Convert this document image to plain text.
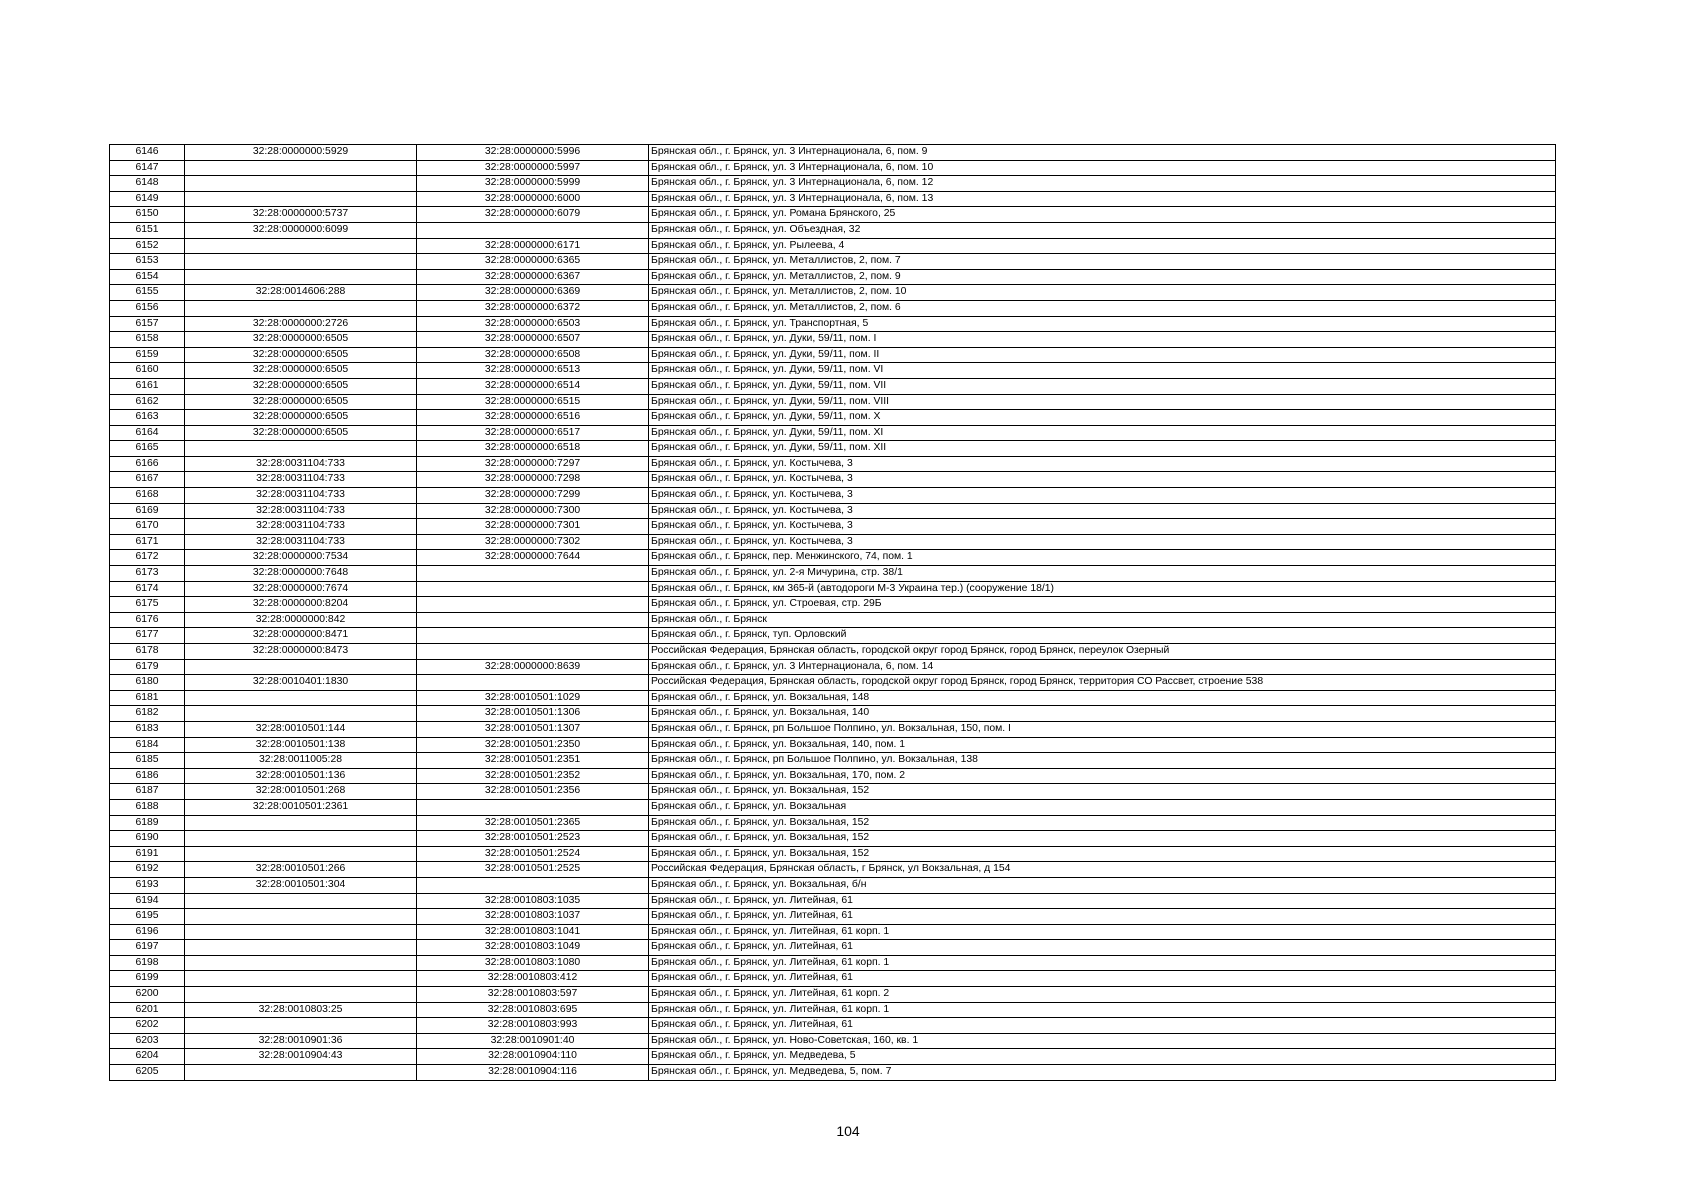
6146	32:28:0000000:5929	32:28:0000000:5996	Брянская обл., г. Брянск, ул. 3 Интернационала, 6, пом. 9
6147		32:28:0000000:5997	Брянская обл., г. Брянск, ул. 3 Интернационала, 6, пом. 10
6148		32:28:0000000:5999	Брянская обл., г. Брянск, ул. 3 Интернационала, 6, пом. 12
6149		32:28:0000000:6000	Брянская обл., г. Брянск, ул. 3 Интернационала, 6, пом. 13
6150	32:28:0000000:5737	32:28:0000000:6079	Брянская обл., г. Брянск, ул. Романа Брянского, 25
6151	32:28:0000000:6099		Брянская обл., г. Брянск, ул. Объездная, 32
6152		32:28:0000000:6171	Брянская обл., г. Брянск, ул. Рылеева, 4
6153		32:28:0000000:6365	Брянская обл., г. Брянск, ул. Металлистов, 2, пом. 7
6154		32:28:0000000:6367	Брянская обл., г. Брянск, ул. Металлистов, 2, пом. 9
6155	32:28:0014606:288	32:28:0000000:6369	Брянская обл., г. Брянск, ул. Металлистов, 2, пом. 10
6156		32:28:0000000:6372	Брянская обл., г. Брянск, ул. Металлистов, 2, пом. 6
6157	32:28:0000000:2726	32:28:0000000:6503	Брянская обл., г. Брянск, ул. Транспортная, 5
6158	32:28:0000000:6505	32:28:0000000:6507	Брянская обл., г. Брянск, ул. Дуки, 59/11, пом. I
6159	32:28:0000000:6505	32:28:0000000:6508	Брянская обл., г. Брянск, ул. Дуки, 59/11, пом. II
6160	32:28:0000000:6505	32:28:0000000:6513	Брянская обл., г. Брянск, ул. Дуки, 59/11, пом. VI
6161	32:28:0000000:6505	32:28:0000000:6514	Брянская обл., г. Брянск, ул. Дуки, 59/11, пом. VII
6162	32:28:0000000:6505	32:28:0000000:6515	Брянская обл., г. Брянск, ул. Дуки, 59/11, пом. VIII
6163	32:28:0000000:6505	32:28:0000000:6516	Брянская обл., г. Брянск, ул. Дуки, 59/11, пом. X
6164	32:28:0000000:6505	32:28:0000000:6517	Брянская обл., г. Брянск, ул. Дуки, 59/11, пом. XI
6165		32:28:0000000:6518	Брянская обл., г. Брянск, ул. Дуки, 59/11, пом. XII
6166	32:28:0031104:733	32:28:0000000:7297	Брянская обл., г. Брянск, ул. Костычева, 3
6167	32:28:0031104:733	32:28:0000000:7298	Брянская обл., г. Брянск, ул. Костычева, 3
6168	32:28:0031104:733	32:28:0000000:7299	Брянская обл., г. Брянск, ул. Костычева, 3
6169	32:28:0031104:733	32:28:0000000:7300	Брянская обл., г. Брянск, ул. Костычева, 3
6170	32:28:0031104:733	32:28:0000000:7301	Брянская обл., г. Брянск, ул. Костычева, 3
6171	32:28:0031104:733	32:28:0000000:7302	Брянская обл., г. Брянск, ул. Костычева, 3
6172	32:28:0000000:7534	32:28:0000000:7644	Брянская обл., г. Брянск, пер. Менжинского, 74, пом. 1
6173	32:28:0000000:7648		Брянская обл., г. Брянск, ул. 2-я Мичурина, стр. 38/1
6174	32:28:0000000:7674		Брянская обл., г. Брянск, км 365-й (автодороги М-3 Украина тер.) (сооружение 18/1)
6175	32:28:0000000:8204		Брянская обл., г. Брянск, ул. Строевая, стр. 29Б
6176	32:28:0000000:842		Брянская обл., г. Брянск
6177	32:28:0000000:8471		Брянская обл., г. Брянск, туп. Орловский
6178	32:28:0000000:8473		Российская Федерация, Брянская область, городской округ город Брянск, город Брянск, переулок Озерный
6179		32:28:0000000:8639	Брянская обл., г. Брянск, ул. 3 Интернационала, 6, пом. 14
6180	32:28:0010401:1830		Российская Федерация, Брянская область, городской округ город Брянск, город Брянск, территория СО Рассвет, строение 538
6181		32:28:0010501:1029	Брянская обл., г. Брянск, ул. Вокзальная, 148
6182		32:28:0010501:1306	Брянская обл., г. Брянск, ул. Вокзальная, 140
6183	32:28:0010501:144	32:28:0010501:1307	Брянская обл., г. Брянск, рп Большое Полпино, ул. Вокзальная, 150, пом. I
6184	32:28:0010501:138	32:28:0010501:2350	Брянская обл., г. Брянск, ул. Вокзальная, 140, пом. 1
6185	32:28:0011005:28	32:28:0010501:2351	Брянская обл., г. Брянск, рп Большое Полпино, ул. Вокзальная, 138
6186	32:28:0010501:136	32:28:0010501:2352	Брянская обл., г. Брянск, ул. Вокзальная, 170, пом. 2
6187	32:28:0010501:268	32:28:0010501:2356	Брянская обл., г. Брянск, ул. Вокзальная, 152
6188	32:28:0010501:2361		Брянская обл., г. Брянск, ул. Вокзальная
6189		32:28:0010501:2365	Брянская обл., г. Брянск, ул. Вокзальная, 152
6190		32:28:0010501:2523	Брянская обл., г. Брянск, ул. Вокзальная, 152
6191		32:28:0010501:2524	Брянская обл., г. Брянск, ул. Вокзальная, 152
6192	32:28:0010501:266	32:28:0010501:2525	Российская Федерация, Брянская область, г Брянск, ул Вокзальная, д 154
6193	32:28:0010501:304		Брянская обл., г. Брянск, ул. Вокзальная, б/н
6194		32:28:0010803:1035	Брянская обл., г. Брянск, ул. Литейная, 61
6195		32:28:0010803:1037	Брянская обл., г. Брянск, ул. Литейная, 61
6196		32:28:0010803:1041	Брянская обл., г. Брянск, ул. Литейная, 61 корп. 1
6197		32:28:0010803:1049	Брянская обл., г. Брянск, ул. Литейная, 61
6198		32:28:0010803:1080	Брянская обл., г. Брянск, ул. Литейная, 61 корп. 1
6199		32:28:0010803:412	Брянская обл., г. Брянск, ул. Литейная, 61
6200		32:28:0010803:597	Брянская обл., г. Брянск, ул. Литейная, 61 корп. 2
6201	32:28:0010803:25	32:28:0010803:695	Брянская обл., г. Брянск, ул. Литейная, 61 корп. 1
6202		32:28:0010803:993	Брянская обл., г. Брянск, ул. Литейная, 61
6203	32:28:0010901:36	32:28:0010901:40	Брянская обл., г. Брянск, ул. Ново-Советская, 160, кв. 1
6204	32:28:0010904:43	32:28:0010904:110	Брянская обл., г. Брянск, ул. Медведева, 5
6205		32:28:0010904:116	Брянская обл., г. Брянск, ул. Медведева, 5, пом. 7
104
